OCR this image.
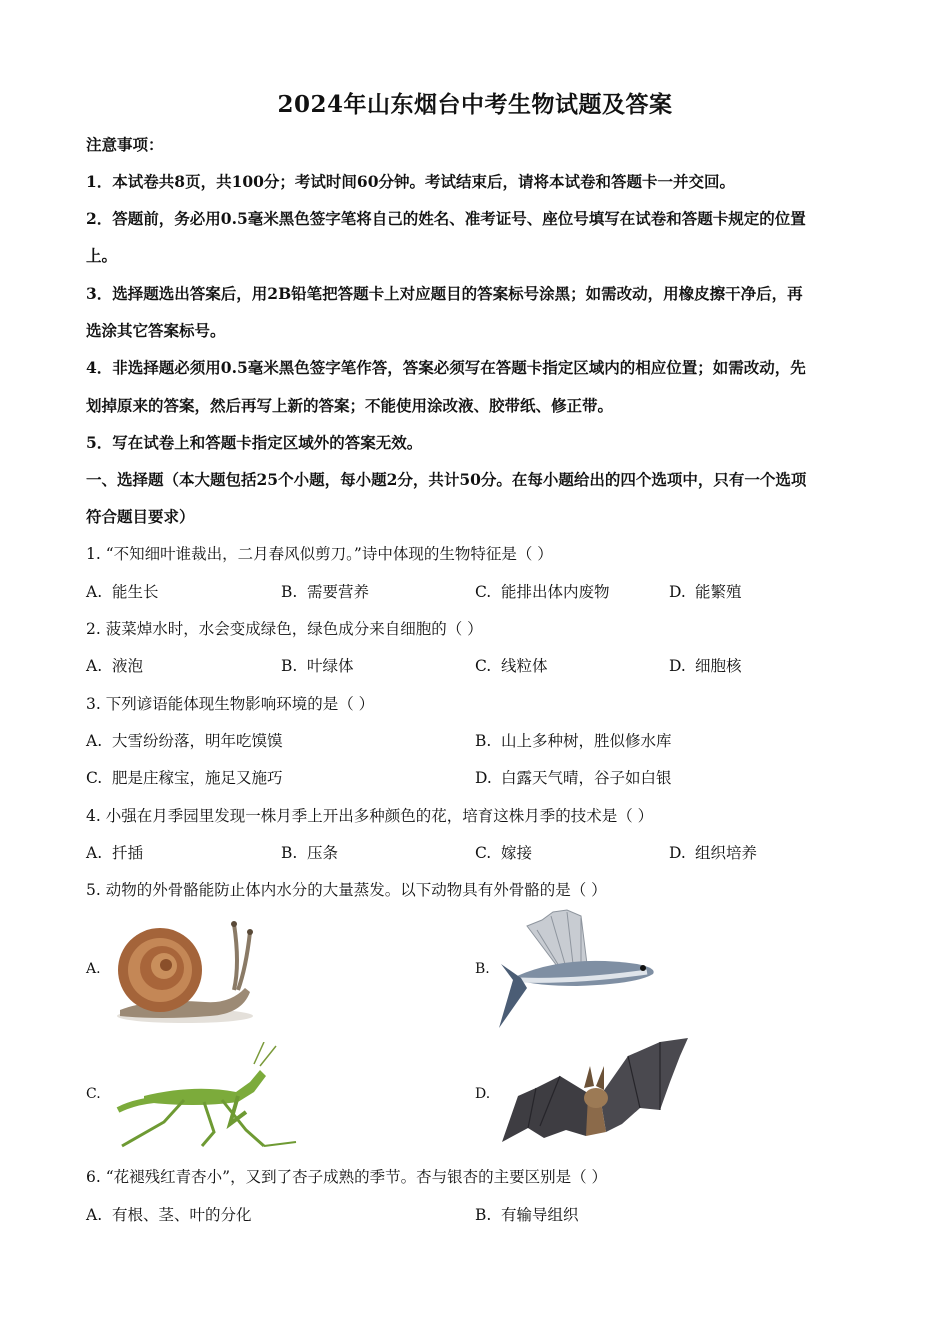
2024年山东烟台中考生物试题及答案
注意事项：
1．本试卷共8页，共100分；考试时间60分钟。考试结束后，请将本试卷和答题卡一并交回。
2．答题前，务必用0.5毫米黑色签字笔将自己的姓名、准考证号、座位号填写在试卷和答题卡规定的位置
上。
3．选择题选出答案后，用2B铅笔把答题卡上对应题目的答案标号涂黑；如需改动，用橡皮擦干净后，再
选涂其它答案标号。
4．非选择题必须用0.5毫米黑色签字笔作答，答案必须写在答题卡指定区域内的相应位置；如需改动，先
划掉原来的答案，然后再写上新的答案；不能使用涂改液、胶带纸、修正带。
5．写在试卷上和答题卡指定区域外的答案无效。
一、选择题（本大题包括25个小题，每小题2分，共计50分。在每小题给出的四个选项中，只有一个选项
符合题目要求）
1. “不知细叶谁裁出，二月春风似剪刀。”诗中体现的生物特征是（ ）
A. 能生长	B. 需要营养	C. 能排出体内废物	D. 能繁殖
2. 菠菜焯水时，水会变成绿色，绿色成分来自细胞的（ ）
A. 液泡	B. 叶绿体	C. 线粒体	D. 细胞核
3. 下列谚语能体现生物影响环境的是（ ）
A. 大雪纷纷落，明年吃馍馍	B. 山上多种树，胜似修水库
C. 肥是庄稼宝，施足又施巧	D. 白露天气晴，谷子如白银
4. 小强在月季园里发现一株月季上开出多种颜色的花，培育这株月季的技术是（ ）
A. 扦插	B. 压条	C. 嫁接	D. 组织培养
5. 动物的外骨骼能防止体内水分的大量蒸发。以下动物具有外骨骼的是（ ）
A.	B.
C.	D.
6. “花褪残红青杏小”，又到了杏子成熟的季节。杏与银杏的主要区别是（ ）
A. 有根、茎、叶的分化	B. 有输导组织
